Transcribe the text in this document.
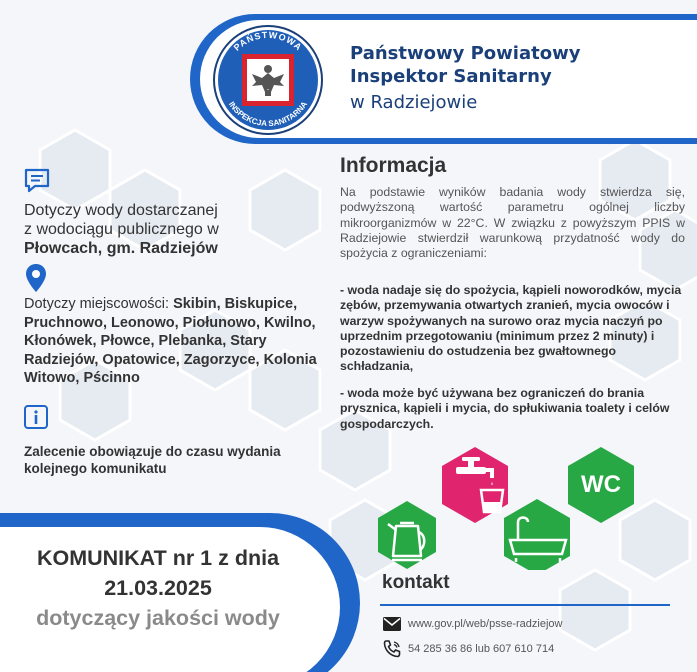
PAŃSTWOWA
INSPEKCJA SANITARNA
Państwowy Powiatowy
Inspektor Sanitarny
w Radziejowie
Dotyczy wody dostarczanej
z wodociągu publicznego w
Płowcach, gm. Radziejów
Dotyczy miejscowości: Skibin, Biskupice, Pruchnowo, Leonowo, Piołunowo, Kwilno, Kłonówek, Płowce, Plebanka, Stary Radziejów, Opatowice, Zagorzyce, Kolonia Witowo, Pścinno
Zalecenie obowiązuje do czasu wydania kolejnego komunikatu
Informacja
Na podstawie wyników badania wody stwierdza się, podwyższoną wartość parametru ogólnej liczby mikroorganizmów w 22°C. W związku z powyższym PPIS w Radziejowie stwierdził warunkową przydatność wody do spożycia z ograniczeniami:
- woda nadaje się do spożycia, kąpieli noworodków, mycia zębów, przemywania otwartych zranień, mycia owoców i warzyw spożywanych na surowo oraz mycia naczyń po uprzednim przegotowaniu (minimum przez 2 minuty) i pozostawieniu do ostudzenia bez gwałtownego schładzania,
- woda może być używana bez ograniczeń do brania prysznica, kąpieli i mycia, do spłukiwania toalety i celów gospodarczych.
WC
KOMUNIKAT nr 1 z dnia
21.03.2025
dotyczący jakości wody
kontakt
www.gov.pl/web/psse-radziejow
54 285 36 86 lub 607 610 714
